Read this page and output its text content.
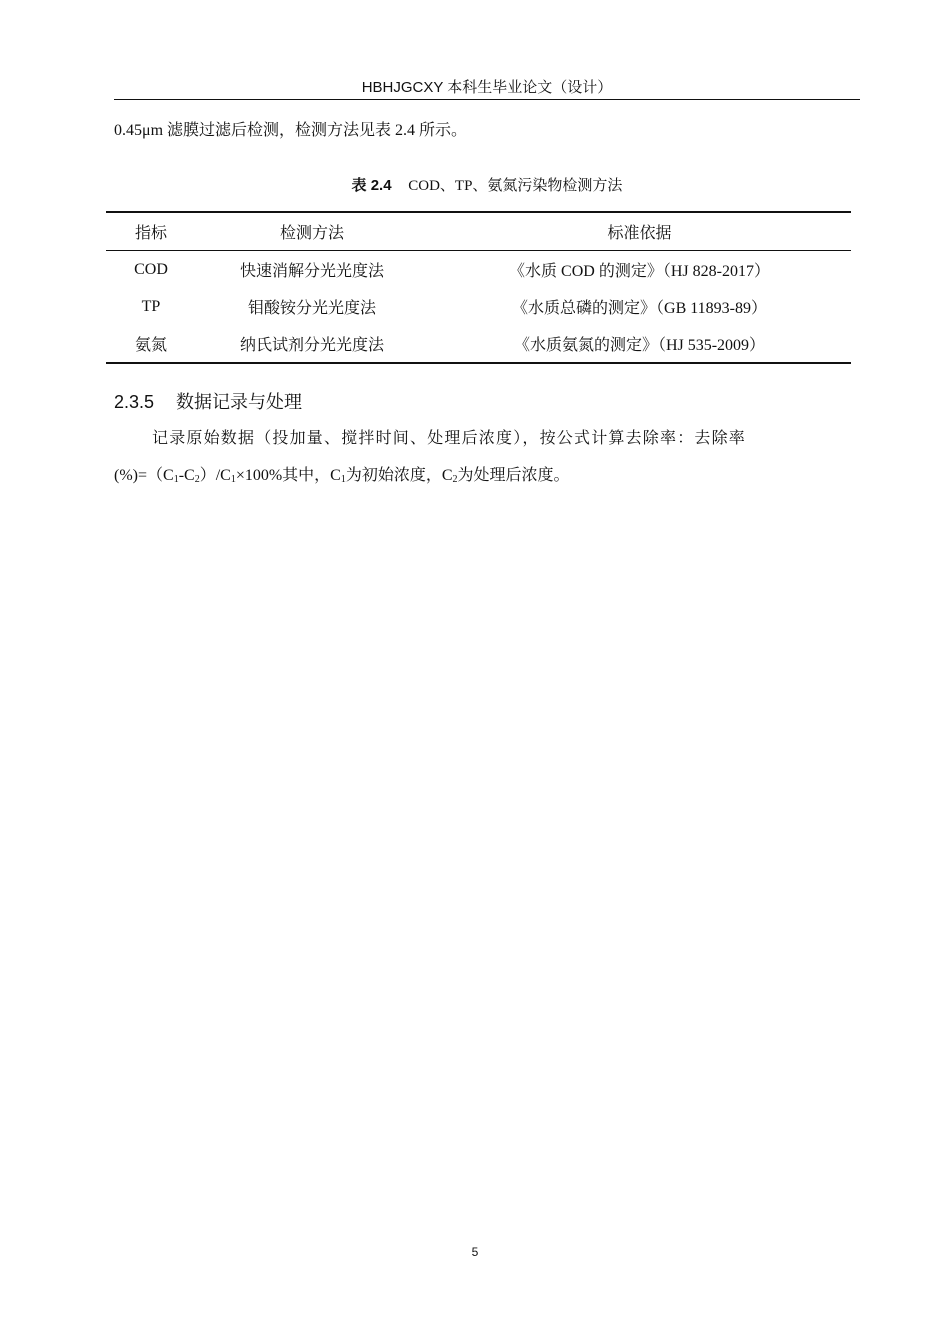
HBHJGCXY 本科生毕业论文（设计）
0.45μm 滤膜过滤后检测，检测方法见表 2.4 所示。
表 2.4 COD、TP、氨氮污染物检测方法
指标	检测方法	标准依据
COD	快速消解分光光度法	《水质 COD 的测定》（HJ 828-2017）
TP	钼酸铵分光光度法	《水质总磷的测定》（GB 11893-89）
氨氮	纳氏试剂分光光度法	《水质氨氮的测定》（HJ 535-2009）
2.3.5 数据记录与处理
记录原始数据（投加量、搅拌时间、处理后浓度），按公式计算去除率：去除率
$(\%)=(C_1-C_2)/C_1\times 100\%$其中，$C_1$为初始浓度，$C_2$为处理后浓度。
5
